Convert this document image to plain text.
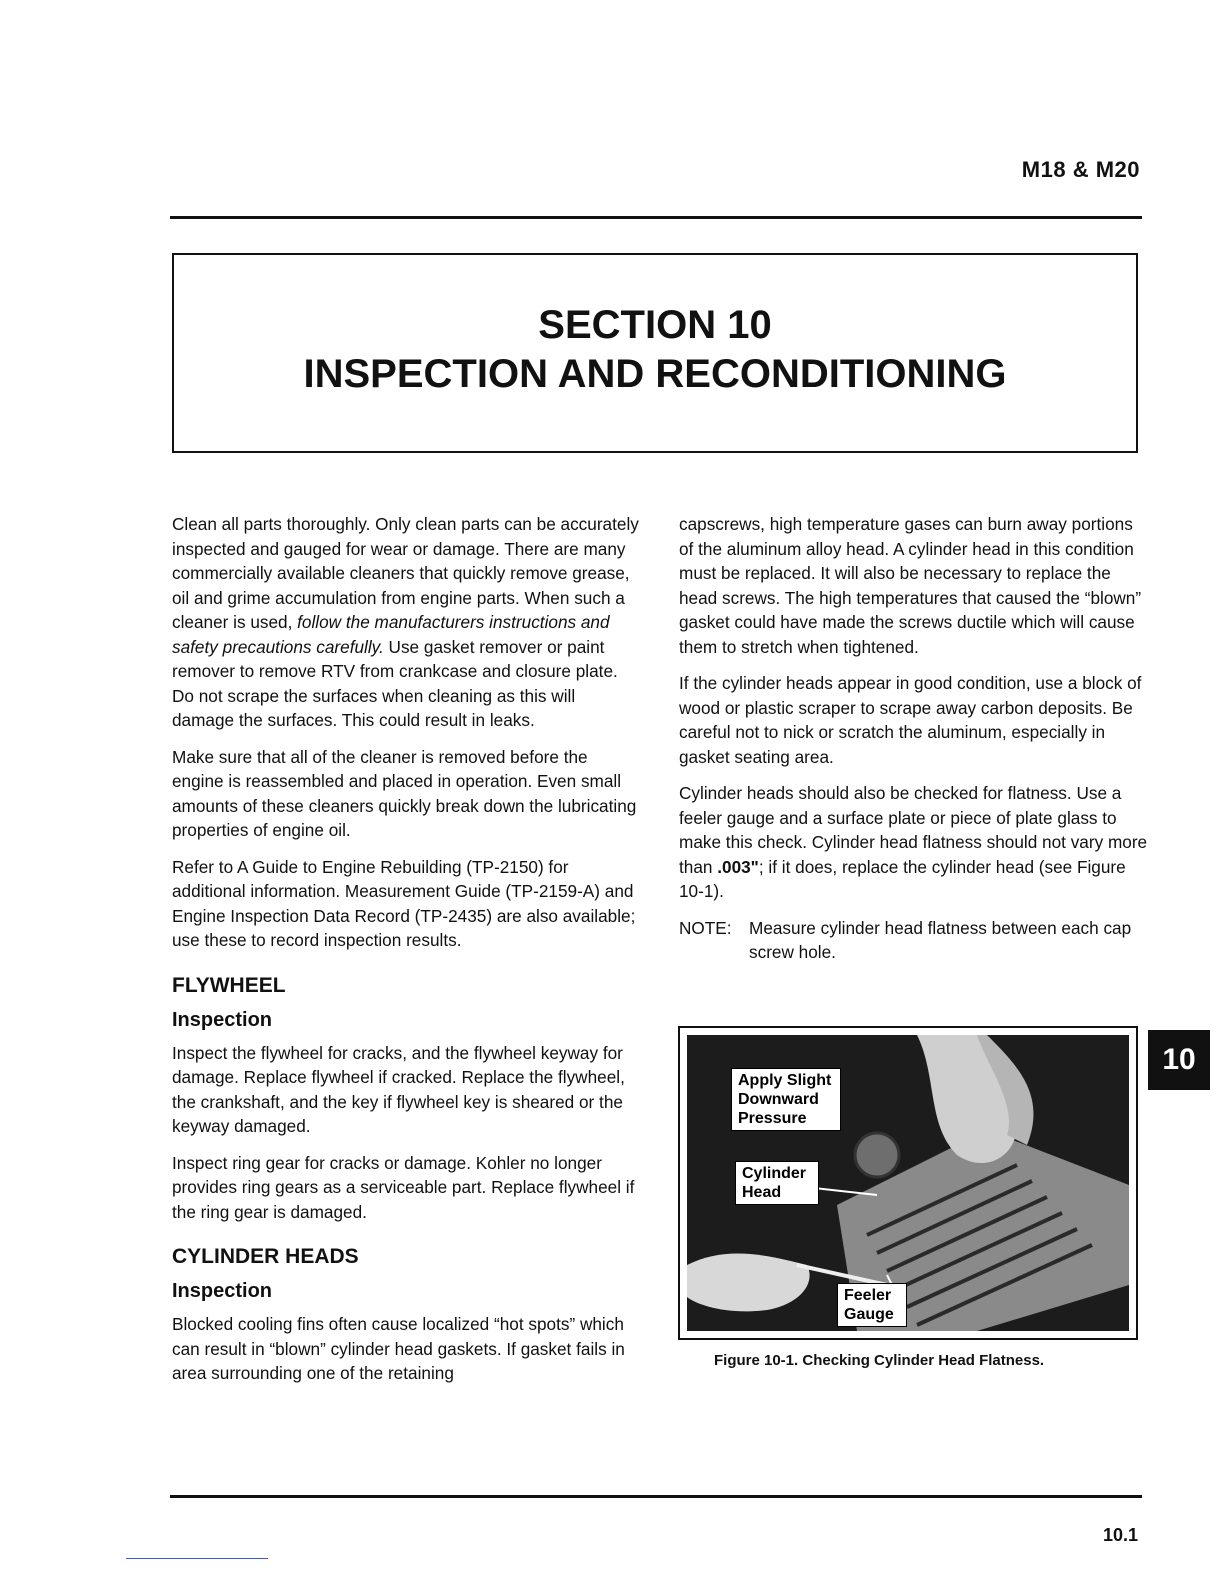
M18 & M20
SECTION 10
INSPECTION AND RECONDITIONING

Clean all parts thoroughly. Only clean parts can be accurately inspected and gauged for wear or damage. There are many commercially available cleaners that quickly remove grease, oil and grime accumulation from engine parts. When such a cleaner is used, follow the manufacturers instructions and safety precautions carefully. Use gasket remover or paint remover to remove RTV from crankcase and closure plate. Do not scrape the surfaces when cleaning as this will damage the surfaces. This could result in leaks.

Make sure that all of the cleaner is removed before the engine is reassembled and placed in operation. Even small amounts of these cleaners quickly break down the lubricating properties of engine oil.

Refer to A Guide to Engine Rebuilding (TP-2150) for additional information. Measurement Guide (TP-2159-A) and Engine Inspection Data Record (TP-2435) are also available; use these to record inspection results.

FLYWHEEL
Inspection

Inspect the flywheel for cracks, and the flywheel keyway for damage. Replace flywheel if cracked. Replace the flywheel, the crankshaft, and the key if flywheel key is sheared or the keyway damaged.

Inspect ring gear for cracks or damage. Kohler no longer provides ring gears as a serviceable part. Replace flywheel if the ring gear is damaged.

CYLINDER HEADS
Inspection

Blocked cooling fins often cause localized “hot spots” which can result in “blown” cylinder head gaskets. If gasket fails in area surrounding one of the retaining

capscrews, high temperature gases can burn away portions of the aluminum alloy head. A cylinder head in this condition must be replaced. It will also be necessary to replace the head screws. The high temperatures that caused the “blown” gasket could have made the screws ductile which will cause them to stretch when tightened.

If the cylinder heads appear in good condition, use a block of wood or plastic scraper to scrape away carbon deposits. Be careful not to nick or scratch the aluminum, especially in gasket seating area.

Cylinder heads should also be checked for flatness. Use a feeler gauge and a surface plate or piece of plate glass to make this check. Cylinder head flatness should not vary more than .003"; if it does, replace the cylinder head (see Figure 10-1).

NOTE:	Measure cylinder head flatness between each cap screw hole.
Apply Slight Downward Pressure
Cylinder Head
Feeler Gauge
Figure 10-1. Checking Cylinder Head Flatness.
10
10.1
